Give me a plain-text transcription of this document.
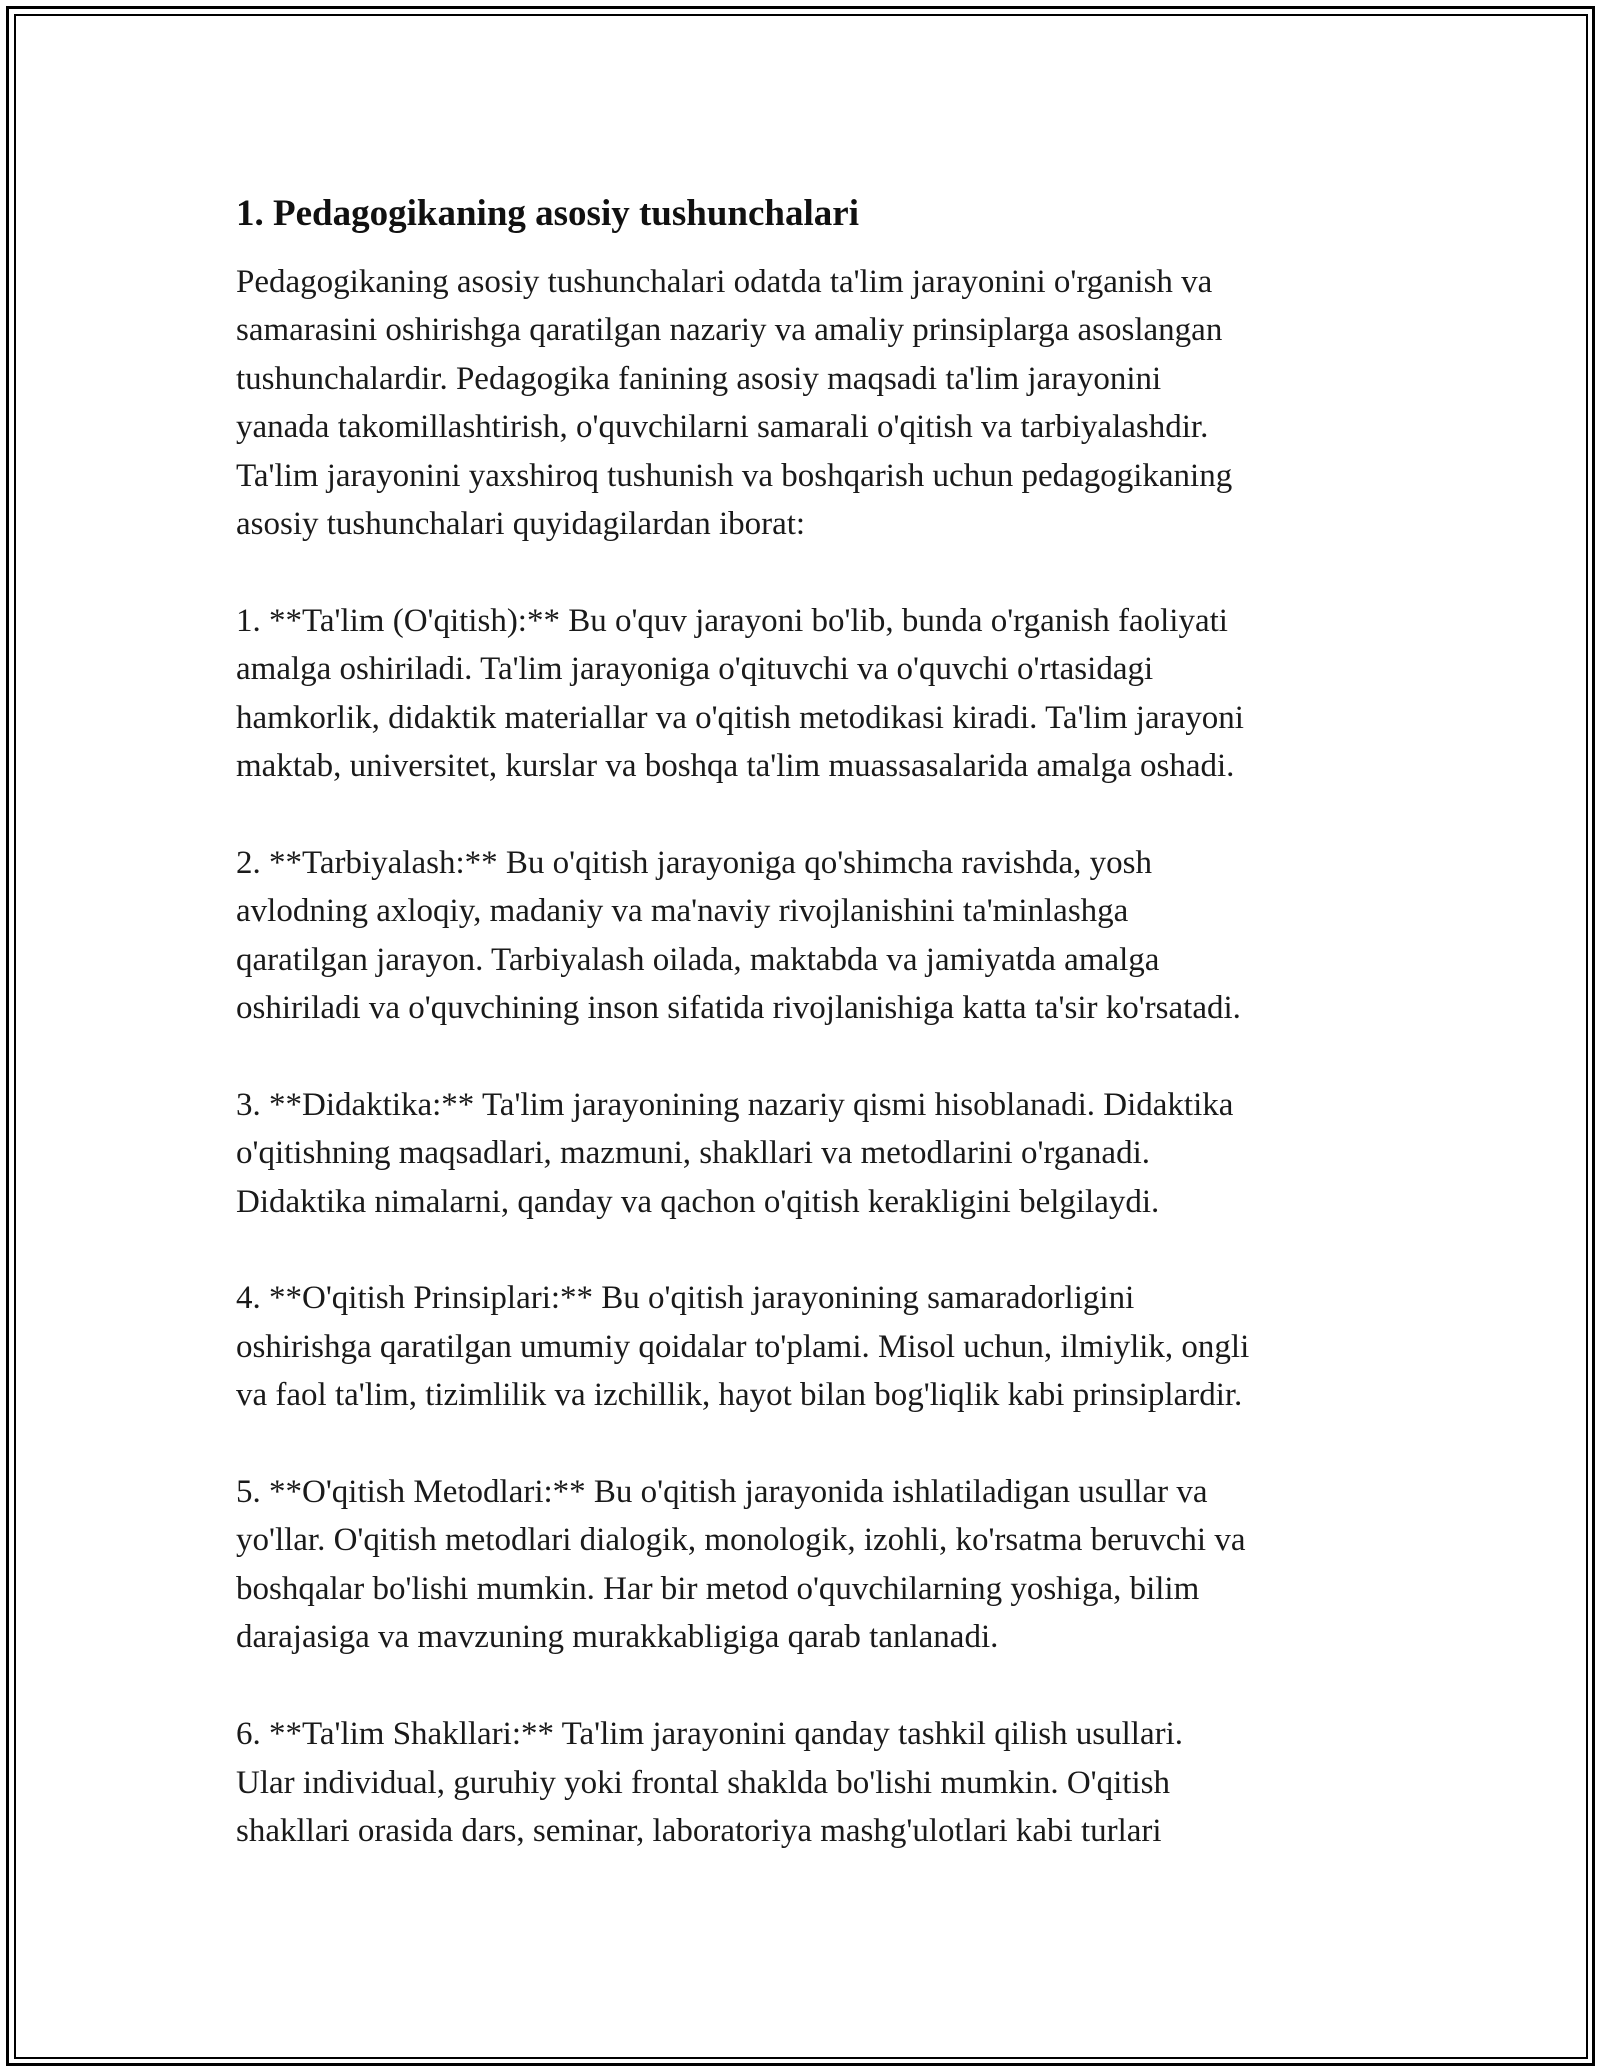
1. Pedagogikaning asosiy tushunchalari

Pedagogikaning asosiy tushunchalari odatda ta'lim jarayonini o'rganish va
samarasini oshirishga qaratilgan nazariy va amaliy prinsiplarga asoslangan
tushunchalardir. Pedagogika fanining asosiy maqsadi ta'lim jarayonini
yanada takomillashtirish, o'quvchilarni samarali o'qitish va tarbiyalashdir.
Ta'lim jarayonini yaxshiroq tushunish va boshqarish uchun pedagogikaning
asosiy tushunchalari quyidagilardan iborat:

1. **Ta'lim (O'qitish):** Bu o'quv jarayoni bo'lib, bunda o'rganish faoliyati
amalga oshiriladi. Ta'lim jarayoniga o'qituvchi va o'quvchi o'rtasidagi
hamkorlik, didaktik materiallar va o'qitish metodikasi kiradi. Ta'lim jarayoni
maktab, universitet, kurslar va boshqa ta'lim muassasalarida amalga oshadi.

2. **Tarbiyalash:** Bu o'qitish jarayoniga qo'shimcha ravishda, yosh
avlodning axloqiy, madaniy va ma'naviy rivojlanishini ta'minlashga
qaratilgan jarayon. Tarbiyalash oilada, maktabda va jamiyatda amalga
oshiriladi va o'quvchining inson sifatida rivojlanishiga katta ta'sir ko'rsatadi.

3. **Didaktika:** Ta'lim jarayonining nazariy qismi hisoblanadi. Didaktika
o'qitishning maqsadlari, mazmuni, shakllari va metodlarini o'rganadi.
Didaktika nimalarni, qanday va qachon o'qitish kerakligini belgilaydi.

4. **O'qitish Prinsiplari:** Bu o'qitish jarayonining samaradorligini
oshirishga qaratilgan umumiy qoidalar to'plami. Misol uchun, ilmiylik, ongli
va faol ta'lim, tizimlilik va izchillik, hayot bilan bog'liqlik kabi prinsiplardir.

5. **O'qitish Metodlari:** Bu o'qitish jarayonida ishlatiladigan usullar va
yo'llar. O'qitish metodlari dialogik, monologik, izohli, ko'rsatma beruvchi va
boshqalar bo'lishi mumkin. Har bir metod o'quvchilarning yoshiga, bilim
darajasiga va mavzuning murakkabligiga qarab tanlanadi.

6. **Ta'lim Shakllari:** Ta'lim jarayonini qanday tashkil qilish usullari.
Ular individual, guruhiy yoki frontal shaklda bo'lishi mumkin. O'qitish
shakllari orasida dars, seminar, laboratoriya mashg'ulotlari kabi turlari
